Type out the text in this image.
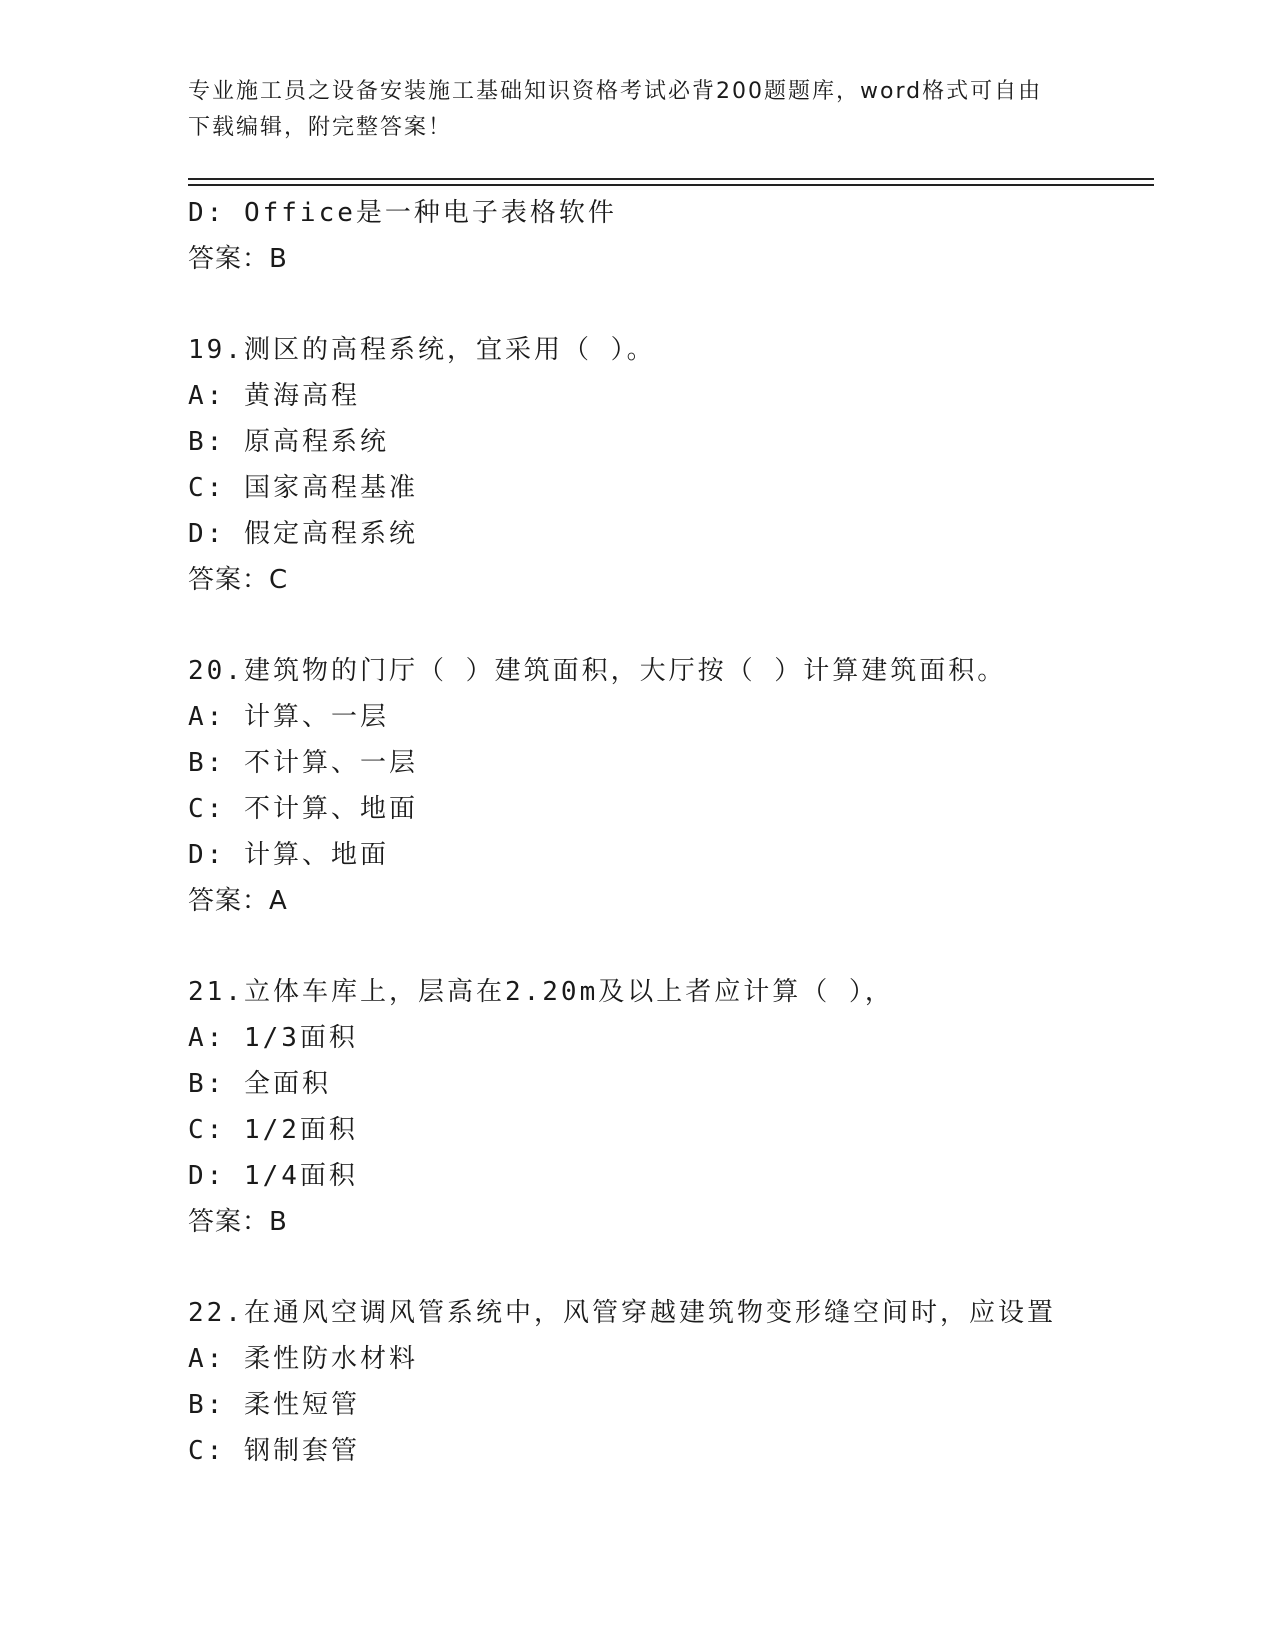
专业施工员之设备安装施工基础知识资格考试必背200题题库，word格式可自由
下载编辑，附完整答案！
D: Office是一种电子表格软件
答案：B
19.测区的高程系统，宜采用（ ）。
A: 黄海高程
B: 原高程系统
C: 国家高程基准
D: 假定高程系统
答案：C
20.建筑物的门厅（ ）建筑面积，大厅按（ ）计算建筑面积。
A: 计算、一层
B: 不计算、一层
C: 不计算、地面
D: 计算、地面
答案：A
21.立体车库上，层高在2.20m及以上者应计算（ ），
A: 1/3面积
B: 全面积
C: 1/2面积
D: 1/4面积
答案：B
22.在通风空调风管系统中，风管穿越建筑物变形缝空间时，应设置
A: 柔性防水材料
B: 柔性短管
C: 钢制套管
